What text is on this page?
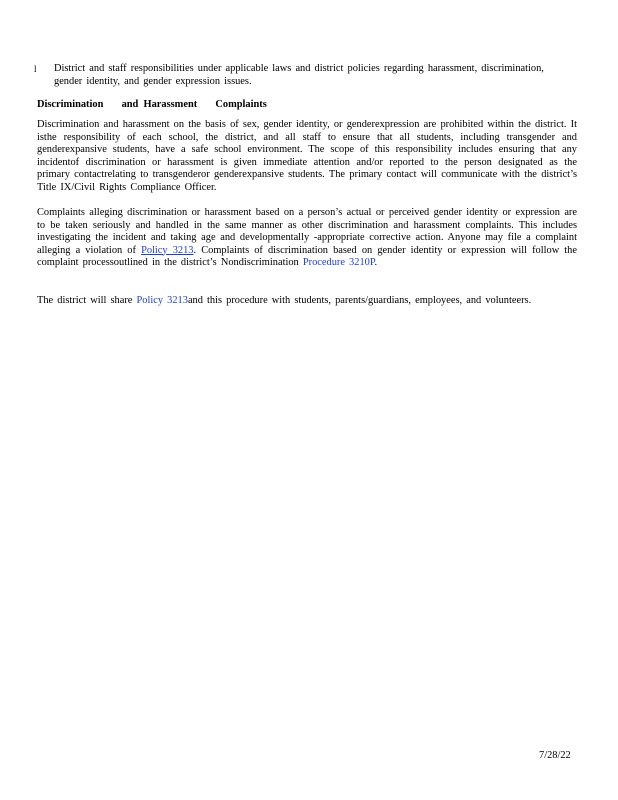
l District and staff responsibilities under applicable laws and district policies regarding harassment, discrimination, gender identity, and gender expression issues.
Discrimination       and  Harassment       Complaints
Discrimination and harassment on the basis of sex, gender identity, or genderexpression are prohibited within the district. It isthe responsibility of each school, the district, and all staff to ensure that all students, including transgender and genderexpansive students, have a safe school environment. The scope of this responsibility includes ensuring that any incidentof discrimination or harassment is given immediate attention and/or reported to the person designated as the primary contactrelating to transgenderor genderexpansive students. The primary contact will communicate with the district’s Title IX/Civil Rights Compliance Officer.
Complaints alleging discrimination or harassment based on a person’s actual or perceived gender identity or expression are to be taken seriously and handled in the same manner as other discrimination and harassment complaints. This includes investigating the incident and taking age and developmentally -appropriate corrective action. Anyone may file a complaint alleging a violation of Policy 3213. Complaints of discrimination based on gender identity or expression will follow the complaint processoutlined in the district’s Nondiscrimination Procedure 3210P.
The district will share Policy 3213and this procedure with students, parents/guardians, employees, and volunteers.
7/28/22
